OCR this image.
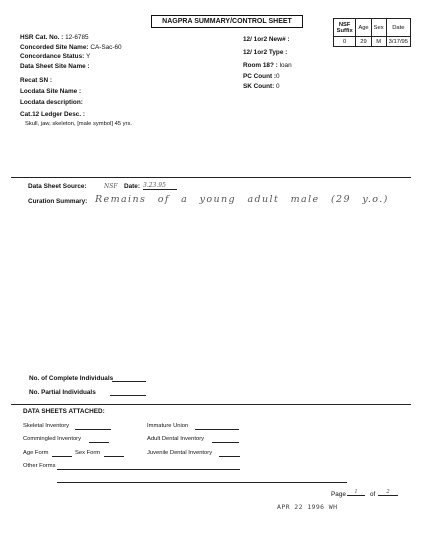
NAGPRA SUMMARY/CONTROL SHEET	NSF Suffix	Age	Sex	Date
0	29	M	3/17/95
HSR Cat. No. : 12-6785
Concorded Site Name: CA-Sac-60
Concordance Status: Y
Data Sheet Site Name :
Recat SN :
Locdata Site Name :
Locdata description:
12/ 1or2 New# :
12/ 1or2 Type :
Room 18? : loan
PC Count :0
SK Count: 0
Cat.12 Ledger Desc. :
Skull, jaw, skeleton, [male symbol] 45 yrs.
Data Sheet Source:	NSF Date: 3.23.95
Curation Summary: Remains of a young adult male (29 y.o.)
No. of Complete Individuals
No. Partial Individuals
DATA SHEETS ATTACHED:
Skeletal Inventory
Commingled Inventory
Age Form	Sex Form
Immature Union
Adult Dental Inventory
Juvenile Dental Inventory
Other Forms
Page	1	of	2
APR 22 1996 WH
